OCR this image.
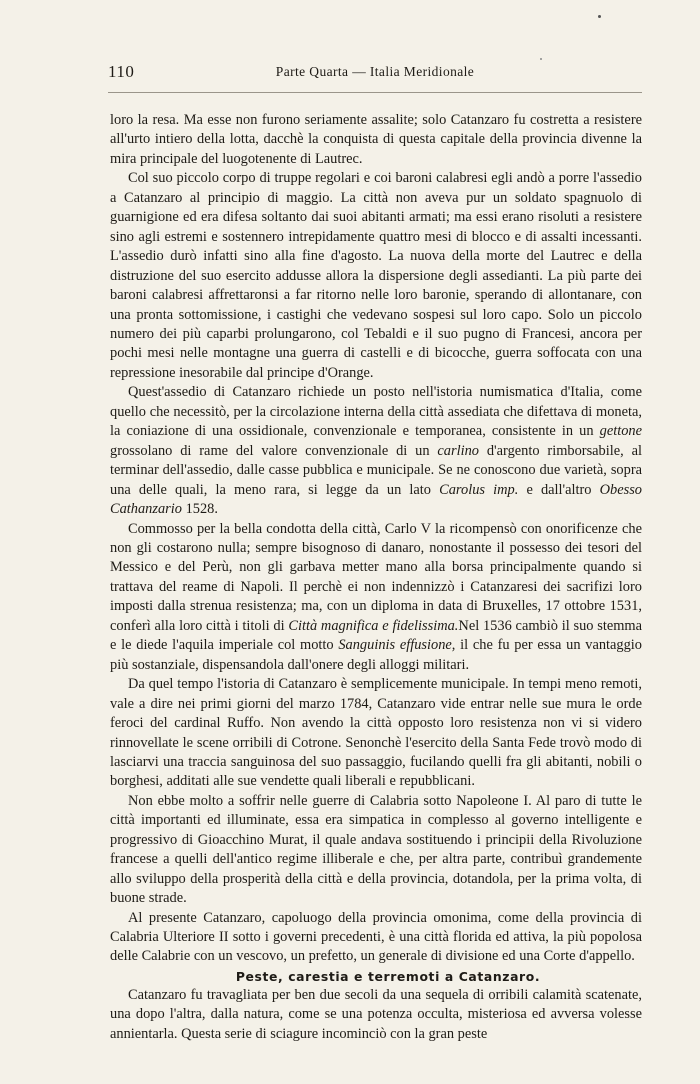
110	Parte Quarta — Italia Meridionale

loro la resa. Ma esse non furono seriamente assalite; solo Catanzaro fu costretta a resistere all'urto intiero della lotta, dacchè la conquista di questa capitale della provincia divenne la mira principale del luogotenente di Lautrec.

Col suo piccolo corpo di truppe regolari e coi baroni calabresi egli andò a porre l'assedio a Catanzaro al principio di maggio. La città non aveva pur un soldato spagnuolo di guarnigione ed era difesa soltanto dai suoi abitanti armati; ma essi erano risoluti a resistere sino agli estremi e sostennero intrepidamente quattro mesi di blocco e di assalti incessanti. L'assedio durò infatti sino alla fine d'agosto. La nuova della morte del Lautrec e della distruzione del suo esercito addusse allora la dispersione degli assedianti. La più parte dei baroni calabresi affrettaronsi a far ritorno nelle loro baronie, sperando di allontanare, con una pronta sottomissione, i castighi che vedevano sospesi sul loro capo. Solo un piccolo numero dei più caparbi prolungarono, col Tebaldi e il suo pugno di Francesi, ancora per pochi mesi nelle montagne una guerra di castelli e di bicocche, guerra soffocata con una repressione inesorabile dal principe d'Orange.

Quest'assedio di Catanzaro richiede un posto nell'istoria numismatica d'Italia, come quello che necessitò, per la circolazione interna della città assediata che difettava di moneta, la coniazione di una ossidionale, convenzionale e temporanea, consistente in un gettone grossolano di rame del valore convenzionale di un carlino d'argento rimborsabile, al terminar dell'assedio, dalle casse pubblica e municipale. Se ne conoscono due varietà, sopra una delle quali, la meno rara, si legge da un lato Carolus imp. e dall'altro Obesso Cathanzario 1528.

Commosso per la bella condotta della città, Carlo V la ricompensò con onorificenze che non gli costarono nulla; sempre bisognoso di danaro, nonostante il possesso dei tesori del Messico e del Perù, non gli garbava metter mano alla borsa principalmente quando si trattava del reame di Napoli. Il perchè ei non indennizzò i Catanzaresi dei sacrifizi loro imposti dalla strenua resistenza; ma, con un diploma in data di Bruxelles, 17 ottobre 1531, conferì alla loro città i titoli di Città magnifica e fidelissima.Nel 1536 cambiò il suo stemma e le diede l'aquila imperiale col motto Sanguinis effusione, il che fu per essa un vantaggio più sostanziale, dispensandola dall'onere degli alloggi militari.

Da quel tempo l'istoria di Catanzaro è semplicemente municipale. In tempi meno remoti, vale a dire nei primi giorni del marzo 1784, Catanzaro vide entrar nelle sue mura le orde feroci del cardinal Ruffo. Non avendo la città opposto loro resistenza non vi si videro rinnovellate le scene orribili di Cotrone. Senonchè l'esercito della Santa Fede trovò modo di lasciarvi una traccia sanguinosa del suo passaggio, fucilando quelli fra gli abitanti, nobili o borghesi, additati alle sue vendette quali liberali e repubblicani.

Non ebbe molto a soffrir nelle guerre di Calabria sotto Napoleone I. Al paro di tutte le città importanti ed illuminate, essa era simpatica in complesso al governo intelligente e progressivo di Gioacchino Murat, il quale andava sostituendo i principii della Rivoluzione francese a quelli dell'antico regime illiberale e che, per altra parte, contribuì grandemente allo sviluppo della prosperità della città e della provincia, dotandola, per la prima volta, di buone strade.

Al presente Catanzaro, capoluogo della provincia omonima, come della provincia di Calabria Ulteriore II sotto i governi precedenti, è una città florida ed attiva, la più popolosa delle Calabrie con un vescovo, un prefetto, un generale di divisione ed una Corte d'appello.

Peste, carestia e terremoti a Catanzaro.

Catanzaro fu travagliata per ben due secoli da una sequela di orribili calamità scatenate, una dopo l'altra, dalla natura, come se una potenza occulta, misteriosa ed avversa volesse annientarla. Questa serie di sciagure incominciò con la gran peste
